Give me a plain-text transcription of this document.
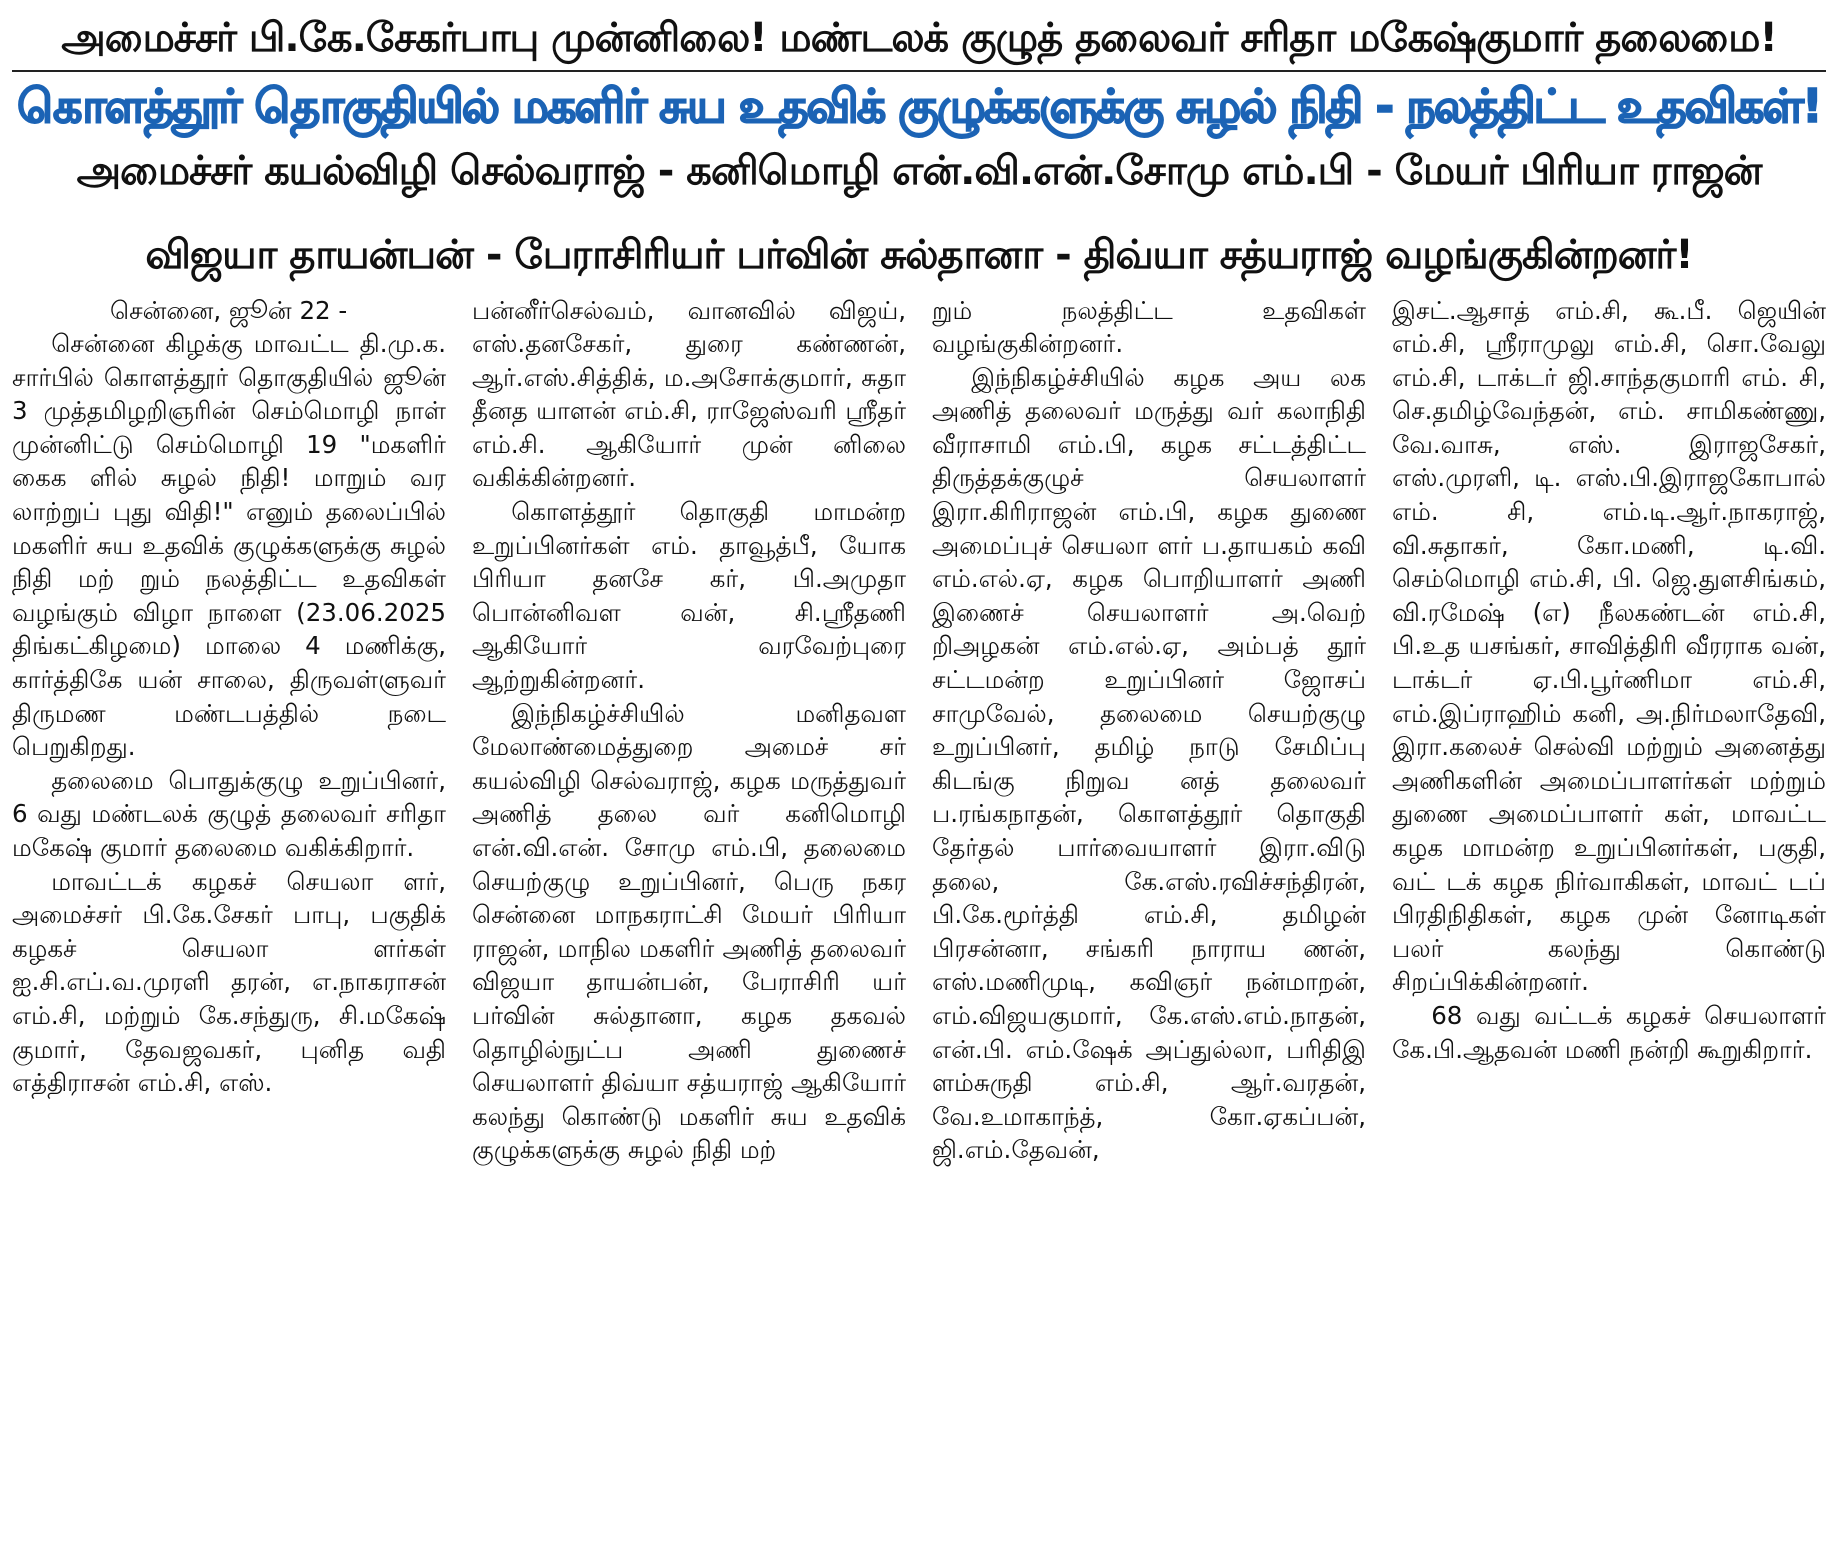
அமைச்சர் பி.கே.சேகர்பாபு முன்னிலை! மண்டலக் குழுத் தலைவர் சரிதா மகேஷ்குமார் தலைமை!
கொளத்தூர் தொகுதியில் மகளிர் சுய உதவிக் குழுக்களுக்கு சுழல் நிதி - நலத்திட்ட உதவிகள்!
அமைச்சர் கயல்விழி செல்வராஜ் - கனிமொழி என்.வி.என்.சோமு எம்.பி - மேயர் பிரியா ராஜன்
விஜயா தாயன்பன் - பேராசிரியர் பர்வின் சுல்தானா - திவ்யா சத்யராஜ் வழங்குகின்றனர்!

சென்னை, ஜூன் 22 -

சென்னை கிழக்கு மாவட்ட தி.மு.க. சார்பில் கொளத்தூர் தொகுதியில் ஜூன் 3 முத்தமிழறிஞரின் செம்மொழி நாள் முன்னிட்டு செம்மொழி 19 "மகளிர் கைக ளில் சுழல் நிதி! மாறும் வர லாற்றுப் புது விதி!" எனும் தலைப்பில் மகளிர் சுய உதவிக் குழுக்களுக்கு சுழல் நிதி மற் றும் நலத்திட்ட உதவிகள் வழங்கும் விழா நாளை (23.06.2025 திங்கட்கிழமை) மாலை 4 மணிக்கு, கார்த்திகே யன் சாலை, திருவள்ளுவர் திருமண மண்டபத்தில் நடை பெறுகிறது.

தலைமை பொதுக்குழு உறுப்பினர், 6 வது மண்டலக் குழுத் தலைவர் சரிதா மகேஷ் குமார் தலைமை வகிக்கிறார்.

மாவட்டக் கழகச் செயலா ளர், அமைச்சர் பி.கே.சேகர் பாபு, பகுதிக் கழகச் செயலா ளர்கள் ஐ.சி.எப்.வ.முரளி தரன், எ.நாகராசன் எம்.சி, மற்றும் கே.சந்துரு, சி.மகேஷ் குமார், தேவஜவகர், புனித வதி எத்திராசன் எம்.சி, எஸ்.

பன்னீர்செல்வம், வானவில் விஜய், எஸ்.தனசேகர், துரை கண்ணன், ஆர்.எஸ்.சித்திக், ம.அசோக்குமார், சுதா தீனத யாளன் எம்.சி, ராஜேஸ்வரி ஸ்ரீதர் எம்.சி. ஆகியோர் முன் னிலை வகிக்கின்றனர்.

கொளத்தூர் தொகுதி மாமன்ற உறுப்பினர்கள் எம். தாவூத்பீ, யோக பிரியா தனசே கர், பி.அமுதா பொன்னிவள வன், சி.ஸ்ரீதணி ஆகியோர் வரவேற்புரை ஆற்றுகின்றனர்.

இந்நிகழ்ச்சியில் மனிதவள மேலாண்மைத்துறை அமைச் சர் கயல்விழி செல்வராஜ், கழக மருத்துவர் அணித் தலை வர் கனிமொழி என்.வி.என். சோமு எம்.பி, தலைமை செயற்குழு உறுப்பினர், பெரு நகர சென்னை மாநகராட்சி மேயர் பிரியா ராஜன், மாநில மகளிர் அணித் தலைவர் விஜயா தாயன்பன், பேராசிரி யர் பர்வின் சுல்தானா, கழக தகவல் தொழில்நுட்ப அணி துணைச் செயலாளர் திவ்யா சத்யராஜ் ஆகியோர் கலந்து கொண்டு மகளிர் சுய உதவிக் குழுக்களுக்கு சுழல் நிதி மற்

றும் நலத்திட்ட உதவிகள் வழங்குகின்றனர்.

இந்நிகழ்ச்சியில் கழக அய லக அணித் தலைவர் மருத்து வர் கலாநிதி வீராசாமி எம்.பி, கழக சட்டத்திட்ட திருத்தக்குழுச் செயலாளர் இரா.கிரிராஜன் எம்.பி, கழக துணை அமைப்புச் செயலா ளர் ப.தாயகம் கவி எம்.எல்.ஏ, கழக பொறியாளர் அணி இணைச் செயலாளர் அ.வெற் றிஅழகன் எம்.எல்.ஏ, அம்பத் தூர் சட்டமன்ற உறுப்பினர் ஜோசப் சாமுவேல், தலைமை செயற்குழு உறுப்பினர், தமிழ் நாடு சேமிப்பு கிடங்கு நிறுவ னத் தலைவர் ப.ரங்கநாதன், கொளத்தூர் தொகுதி தேர்தல் பார்வையாளர் இரா.விடு தலை, கே.எஸ்.ரவிச்சந்திரன், பி.கே.மூர்த்தி எம்.சி, தமிழன் பிரசன்னா, சங்கரி நாராய ணன், எஸ்.மணிமுடி, கவிஞர் நன்மாறன், எம்.விஜயகுமார், கே.எஸ்.எம்.நாதன், என்.பி. எம்.ஷேக் அப்துல்லா, பரிதிஇ ளம்சுருதி எம்.சி, ஆர்.வரதன், வே.உமாகாந்த், கோ.ஏகப்பன், ஜி.எம்.தேவன்,

இசட்.ஆசாத் எம்.சி, கூ.பீ. ஜெயின் எம்.சி, ஸ்ரீராமுலு எம்.சி, சொ.வேலு எம்.சி, டாக்டர் ஜி.சாந்தகுமாரி எம். சி, செ.தமிழ்வேந்தன், எம். சாமிகண்ணு, வே.வாசு, எஸ். இராஜசேகர், எஸ்.முரளி, டி. எஸ்.பி.இராஜகோபால் எம். சி, எம்.டி.ஆர்.நாகராஜ், வி.சுதாகர், கோ.மணி, டி.வி. செம்மொழி எம்.சி, பி. ஜெ.துளசிங்கம், வி.ரமேஷ் (எ) நீலகண்டன் எம்.சி, பி.உத யசங்கர், சாவித்திரி வீரராக வன், டாக்டர் ஏ.பி.பூர்ணிமா எம்.சி, எம்.இப்ராஹிம் கனி, அ.நிர்மலாதேவி, இரா.கலைச் செல்வி மற்றும் அனைத்து அணிகளின் அமைப்பாளர்கள் மற்றும் துணை அமைப்பாளர் கள், மாவட்ட கழக மாமன்ற உறுப்பினர்கள், பகுதி, வட் டக் கழக நிர்வாகிகள், மாவட் டப் பிரதிநிதிகள், கழக முன் னோடிகள் பலர் கலந்து கொண்டு சிறப்பிக்கின்றனர்.

68 வது வட்டக் கழகச் செயலாளர் கே.பி.ஆதவன் மணி நன்றி கூறுகிறார்.
